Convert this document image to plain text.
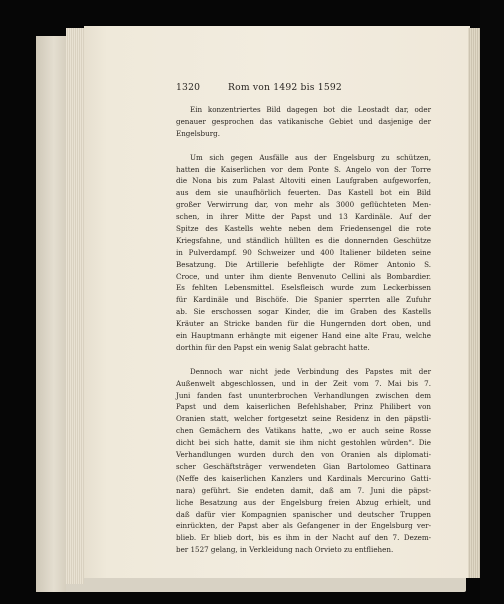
1320	Rom von 1492 bis 1592
Ein konzentriertes Bild dagegen bot die Leostadt dar, oder
genauer gesprochen das vatikanische Gebiet und dasjenige der
Engelsburg.
Um sich gegen Ausfälle aus der Engelsburg zu schützen,
hatten die Kaiserlichen vor dem Ponte S. Angelo von der Torre
die Nona bis zum Palast Altoviti einen Laufgraben aufgeworfen,
aus dem sie unaufhörlich feuerten. Das Kastell bot ein Bild
großer Verwirrung dar, von mehr als 3000 geflüchteten Men-
schen, in ihrer Mitte der Papst und 13 Kardinäle. Auf der
Spitze des Kastells wehte neben dem Friedensengel die rote
Kriegsfahne, und ständlich hüllten es die donnernden Geschütze
in Pulverdampf. 90 Schweizer und 400 Italiener bildeten seine
Besatzung. Die Artillerie befehligte der Römer Antonio S.
Croce, und unter ihm diente Benvenuto Cellini als Bombardier.
Es fehlten Lebensmittel. Eselsfleisch wurde zum Leckerbissen
für Kardinäle und Bischöfe. Die Spanier sperrten alle Zufuhr
ab. Sie erschossen sogar Kinder, die im Graben des Kastells
Kräuter an Stricke banden für die Hungernden dort oben, und
ein Hauptmann erhängte mit eigener Hand eine alte Frau, welche
dorthin für den Papst ein wenig Salat gebracht hatte.
Dennoch war nicht jede Verbindung des Papstes mit der
Außenwelt abgeschlossen, und in der Zeit vom 7. Mai bis 7.
Juni fanden fast ununterbrochen Verhandlungen zwischen dem
Papst und dem kaiserlichen Befehlshaber, Prinz Philibert von
Oranien statt, welcher fortgesetzt seine Residenz in den päpstli-
chen Gemächern des Vatikans hatte, „wo er auch seine Rosse
dicht bei sich hatte, damit sie ihm nicht gestohlen würden“. Die
Verhandlungen wurden durch den von Oranien als diplomati-
scher Geschäftsträger verwendeten Gian Bartolomeo Gattinara
(Neffe des kaiserlichen Kanzlers und Kardinals Mercurino Gatti-
nara) geführt. Sie endeten damit, daß am 7. Juni die päpst-
liche Besatzung aus der Engelsburg freien Abzug erhielt, und
daß dafür vier Kompagnien spanischer und deutscher Truppen
einrückten, der Papst aber als Gefangener in der Engelsburg ver-
blieb. Er blieb dort, bis es ihm in der Nacht auf den 7. Dezem-
ber 1527 gelang, in Verkleidung nach Orvieto zu entfliehen.
